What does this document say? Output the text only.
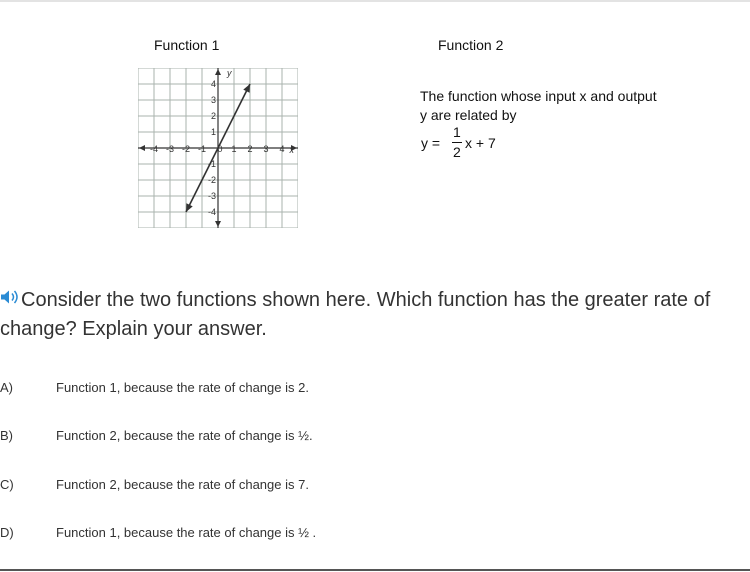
Function 1	Function 2
-4 -3 -2 -1 0 1 2 3 4
4
3
2
1
-1
-2
-3
-4
x
y
The function whose input x and output y are related by
y =
1
2
x + 7
Consider the two functions shown here. Which function has the greater rate of change? Explain your answer.
A)	Function 1, because the rate of change is 2.
B)	Function 2, because the rate of change is ½.
C)	Function 2, because the rate of change is 7.
D)	Function 1, because the rate of change is ½ .
